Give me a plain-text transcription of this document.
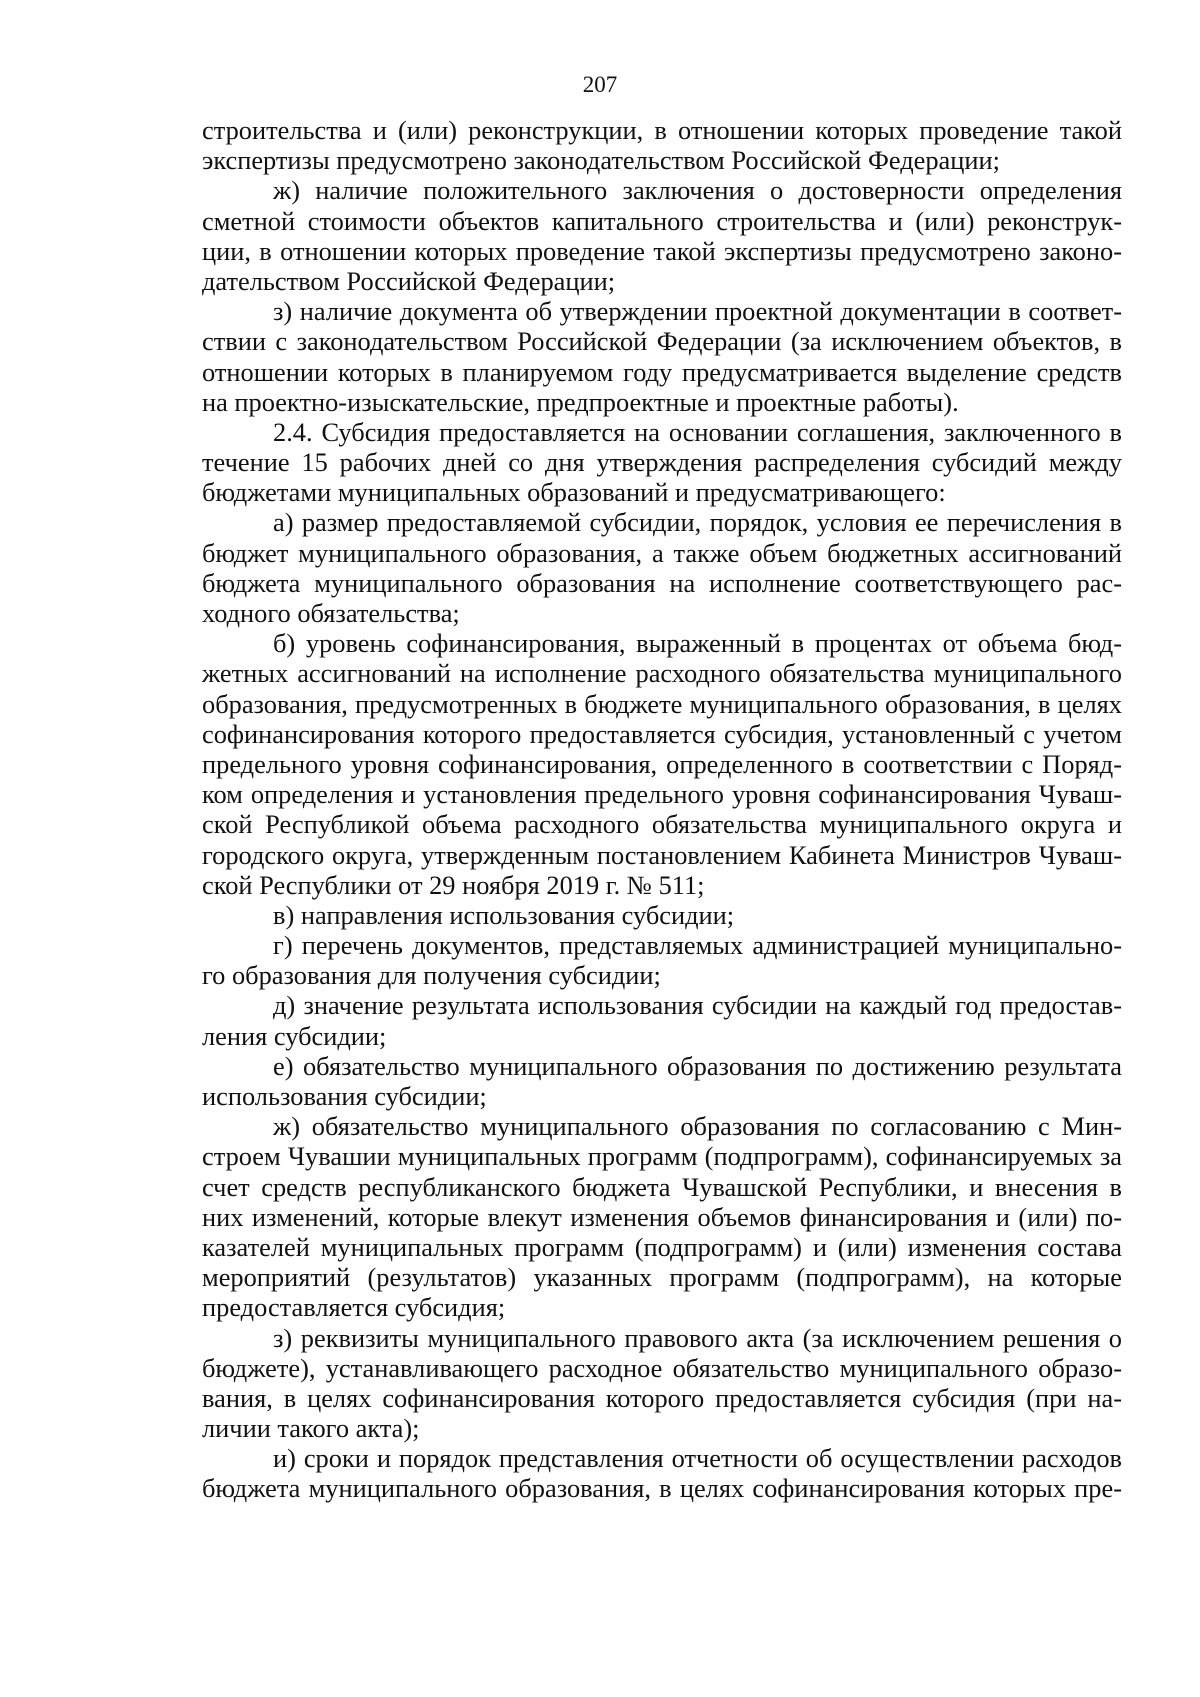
207
строительства и (или) реконструкции, в отношении которых проведение такой
экспертизы предусмотрено законодательством Российской Федерации;
ж) наличие положительного заключения о достоверности определения
сметной стоимости объектов капитального строительства и (или) реконструк-
ции, в отношении которых проведение такой экспертизы предусмотрено законо-
дательством Российской Федерации;
з) наличие документа об утверждении проектной документации в соответ-
ствии с законодательством Российской Федерации (за исключением объектов, в
отношении которых в планируемом году предусматривается выделение средств
на проектно-изыскательские, предпроектные и проектные работы).
2.4. Субсидия предоставляется на основании соглашения, заключенного в
течение 15 рабочих дней со дня утверждения распределения субсидий между
бюджетами муниципальных образований и предусматривающего:
а) размер предоставляемой субсидии, порядок, условия ее перечисления в
бюджет муниципального образования, а также объем бюджетных ассигнований
бюджета муниципального образования на исполнение соответствующего рас-
ходного обязательства;
б) уровень софинансирования, выраженный в процентах от объема бюд-
жетных ассигнований на исполнение расходного обязательства муниципального
образования, предусмотренных в бюджете муниципального образования, в целях
софинансирования которого предоставляется субсидия, установленный с учетом
предельного уровня софинансирования, определенного в соответствии с Поряд-
ком определения и установления предельного уровня софинансирования Чуваш-
ской Республикой объема расходного обязательства муниципального округа и
городского округа, утвержденным постановлением Кабинета Министров Чуваш-
ской Республики от 29 ноября 2019 г. № 511;
в) направления использования субсидии;
г) перечень документов, представляемых администрацией муниципально-
го образования для получения субсидии;
д) значение результата использования субсидии на каждый год предостав-
ления субсидии;
е) обязательство муниципального образования по достижению результата
использования субсидии;
ж) обязательство муниципального образования по согласованию с Мин-
строем Чувашии муниципальных программ (подпрограмм), софинансируемых за
счет средств республиканского бюджета Чувашской Республики, и внесения в
них изменений, которые влекут изменения объемов финансирования и (или) по-
казателей муниципальных программ (подпрограмм) и (или) изменения состава
мероприятий (результатов) указанных программ (подпрограмм), на которые
предоставляется субсидия;
з) реквизиты муниципального правового акта (за исключением решения о
бюджете), устанавливающего расходное обязательство муниципального образо-
вания, в целях софинансирования которого предоставляется субсидия (при на-
личии такого акта);
и) сроки и порядок представления отчетности об осуществлении расходов
бюджета муниципального образования, в целях софинансирования которых пре-
